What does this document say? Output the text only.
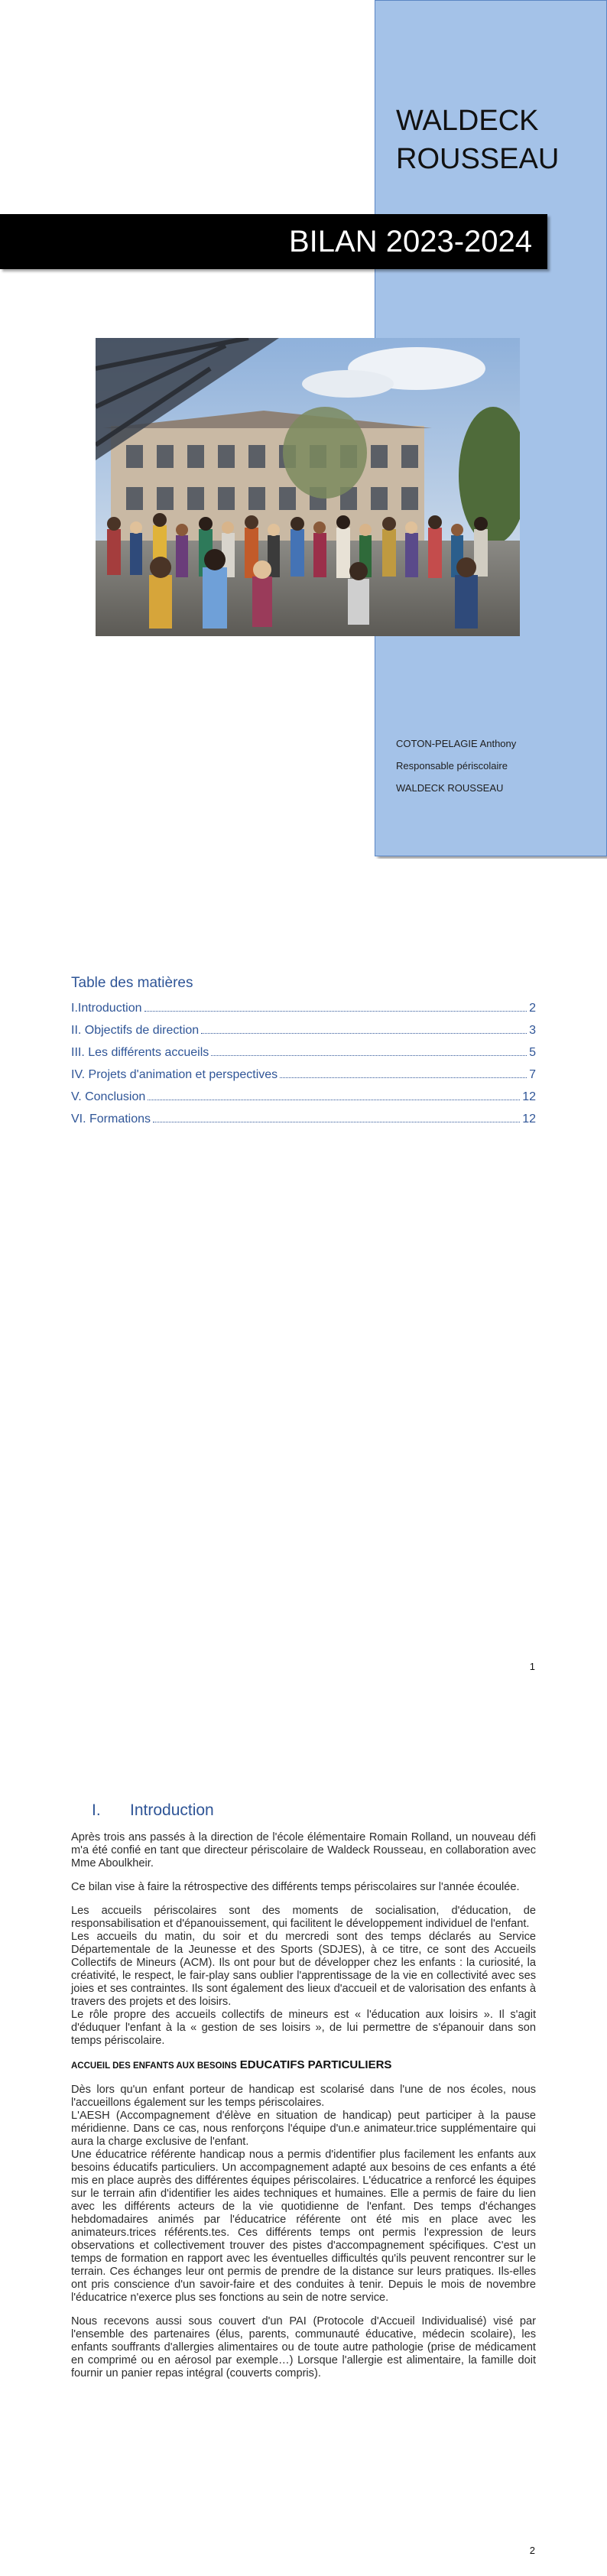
WALDECK
ROUSSEAU
BILAN 2023-2024
COTON-PELAGIE Anthony
Responsable périscolaire
WALDECK ROUSSEAU
Table des matières
I.Introduction	2
II. Objectifs de direction	3
III. Les différents accueils	5
IV. Projets d'animation et perspectives	7
V. Conclusion	12
VI. Formations	12
1
I. Introduction

Après trois ans passés à la direction de l'école élémentaire Romain Rolland, un nouveau défi m'a été confié en tant que directeur périscolaire de Waldeck Rousseau, en collaboration avec Mme Aboulkheir.

Ce bilan vise à faire la rétrospective des différents temps périscolaires sur l'année écoulée.

Les accueils périscolaires sont des moments de socialisation, d'éducation, de responsabilisation et d'épanouissement, qui facilitent le développement individuel de l'enfant.

Les accueils du matin, du soir et du mercredi sont des temps déclarés au Service Départementale de la Jeunesse et des Sports (SDJES), à ce titre, ce sont des Accueils Collectifs de Mineurs (ACM). Ils ont pour but de développer chez les enfants : la curiosité, la créativité, le respect, le fair-play sans oublier l'apprentissage de la vie en collectivité avec ses joies et ses contraintes. Ils sont également des lieux d'accueil et de valorisation des enfants à travers des projets et des loisirs.

Le rôle propre des accueils collectifs de mineurs est « l'éducation aux loisirs ». Il s'agit d'éduquer l'enfant à la « gestion de ses loisirs », de lui permettre de s'épanouir dans son temps périscolaire.

ACCUEIL DES ENFANTS AUX BESOINS EDUCATIFS PARTICULIERS

Dès lors qu'un enfant porteur de handicap est scolarisé dans l'une de nos écoles, nous l'accueillons également sur les temps périscolaires.

L'AESH (Accompagnement d'élève en situation de handicap) peut participer à la pause méridienne. Dans ce cas, nous renforçons l'équipe d'un.e animateur.trice supplémentaire qui aura la charge exclusive de l'enfant.

Une éducatrice référente handicap nous a permis d'identifier plus facilement les enfants aux besoins éducatifs particuliers. Un accompagnement adapté aux besoins de ces enfants a été mis en place auprès des différentes équipes périscolaires. L'éducatrice a renforcé les équipes sur le terrain afin d'identifier les aides techniques et humaines. Elle a permis de faire du lien avec les différents acteurs de la vie quotidienne de l'enfant. Des temps d'échanges hebdomadaires animés par l'éducatrice référente ont été mis en place avec les animateurs.trices référents.tes. Ces différents temps ont permis l'expression de leurs observations et collectivement trouver des pistes d'accompagnement spécifiques. C'est un temps de formation en rapport avec les éventuelles difficultés qu'ils peuvent rencontrer sur le terrain. Ces échanges leur ont permis de prendre de la distance sur leurs pratiques. Ils-elles ont pris conscience d'un savoir-faire et des conduites à tenir. Depuis le mois de novembre l'éducatrice n'exerce plus ses fonctions au sein de notre service.

Nous recevons aussi sous couvert d'un PAI (Protocole d'Accueil Individualisé) visé par l'ensemble des partenaires (élus, parents, communauté éducative, médecin scolaire), les enfants souffrants d'allergies alimentaires ou de toute autre pathologie (prise de médicament en comprimé ou en aérosol par exemple…) Lorsque l'allergie est alimentaire, la famille doit fournir un panier repas intégral (couverts compris).

2
